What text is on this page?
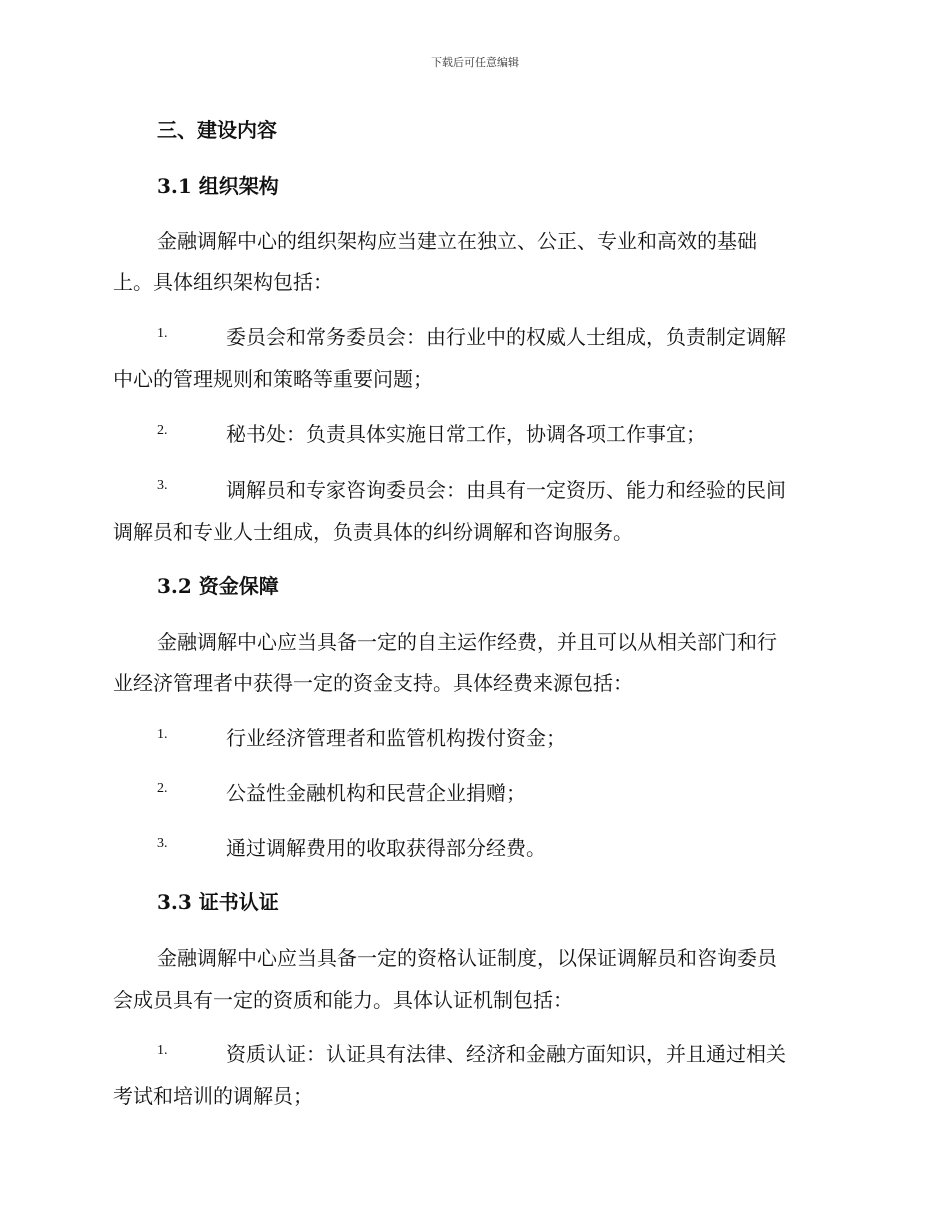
下载后可任意编辑
三、建设内容
3.1 组织架构
金融调解中心的组织架构应当建立在独立、公正、专业和高效的基础
上。具体组织架构包括：
1.	委员会和常务委员会：由行业中的权威人士组成，负责制定调解
中心的管理规则和策略等重要问题；
2.	秘书处：负责具体实施日常工作，协调各项工作事宜；
3.	调解员和专家咨询委员会：由具有一定资历、能力和经验的民间
调解员和专业人士组成，负责具体的纠纷调解和咨询服务。
3.2 资金保障
金融调解中心应当具备一定的自主运作经费，并且可以从相关部门和行
业经济管理者中获得一定的资金支持。具体经费来源包括：
1.	行业经济管理者和监管机构拨付资金；
2.	公益性金融机构和民营企业捐赠；
3.	通过调解费用的收取获得部分经费。
3.3 证书认证
金融调解中心应当具备一定的资格认证制度，以保证调解员和咨询委员
会成员具有一定的资质和能力。具体认证机制包括：
1.	资质认证：认证具有法律、经济和金融方面知识，并且通过相关
考试和培训的调解员；
